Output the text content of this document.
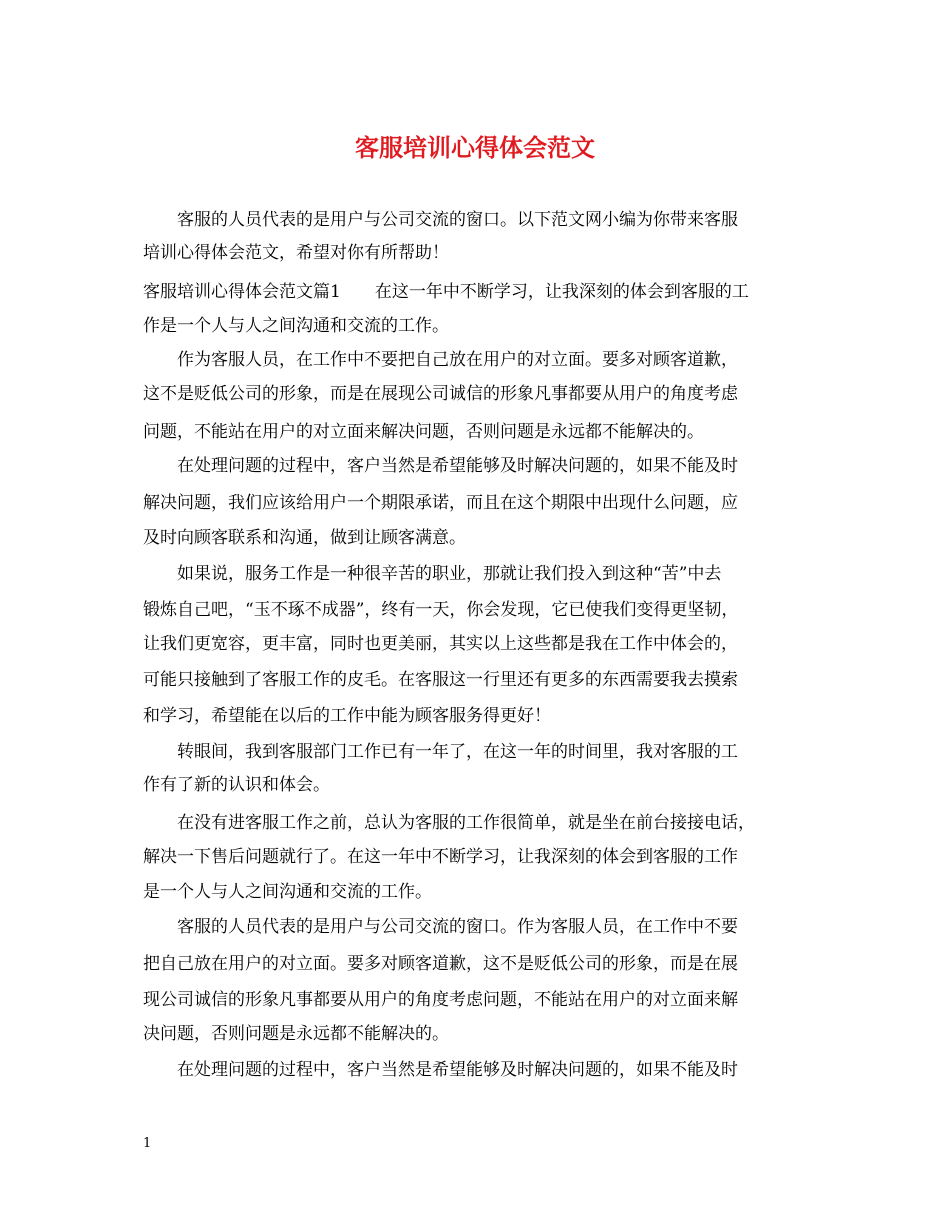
客服培训心得体会范文
　　客服的人员代表的是用户与公司交流的窗口。以下范文网小编为你带来客服
培训心得体会范文，希望对你有所帮助！
客服培训心得体会范文篇1　　在这一年中不断学习，让我深刻的体会到客服的工
作是一个人与人之间沟通和交流的工作。
　　作为客服人员，在工作中不要把自己放在用户的对立面。要多对顾客道歉，
这不是贬低公司的形象，而是在展现公司诚信的形象凡事都要从用户的角度考虑
问题，不能站在用户的对立面来解决问题，否则问题是永远都不能解决的。
　　在处理问题的过程中，客户当然是希望能够及时解决问题的，如果不能及时
解决问题，我们应该给用户一个期限承诺，而且在这个期限中出现什么问题，应
及时向顾客联系和沟通，做到让顾客满意。
　　如果说，服务工作是一种很辛苦的职业，那就让我们投入到这种“苦”中去
锻炼自己吧，“玉不琢不成器”，终有一天，你会发现，它已使我们变得更坚韧，
让我们更宽容，更丰富，同时也更美丽，其实以上这些都是我在工作中体会的，
可能只接触到了客服工作的皮毛。在客服这一行里还有更多的东西需要我去摸索
和学习，希望能在以后的工作中能为顾客服务得更好！
　　转眼间，我到客服部门工作已有一年了，在这一年的时间里，我对客服的工
作有了新的认识和体会。
　　在没有进客服工作之前，总认为客服的工作很简单，就是坐在前台接接电话，
解决一下售后问题就行了。在这一年中不断学习，让我深刻的体会到客服的工作
是一个人与人之间沟通和交流的工作。
　　客服的人员代表的是用户与公司交流的窗口。作为客服人员，在工作中不要
把自己放在用户的对立面。要多对顾客道歉，这不是贬低公司的形象，而是在展
现公司诚信的形象凡事都要从用户的角度考虑问题，不能站在用户的对立面来解
决问题，否则问题是永远都不能解决的。
　　在处理问题的过程中，客户当然是希望能够及时解决问题的，如果不能及时
1
